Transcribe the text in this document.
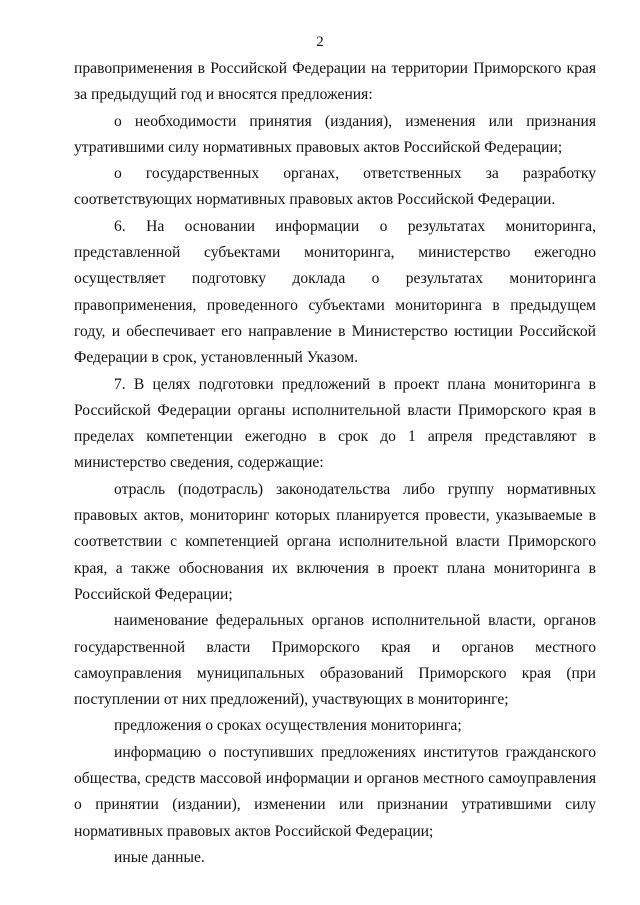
2

правоприменения в Российской Федерации на территории Приморского края за предыдущий год и вносятся предложения:

о необходимости принятия (издания), изменения или признания утратившими силу нормативных правовых актов Российской Федерации;

о государственных органах, ответственных за разработку соответствующих нормативных правовых актов Российской Федерации.

6. На основании информации о результатах мониторинга, представленной субъектами мониторинга, министерство ежегодно осуществляет подготовку доклада о результатах мониторинга правоприменения, проведенного субъектами мониторинга в предыдущем году, и обеспечивает его направление в Министерство юстиции Российской Федерации в срок, установленный Указом.

7. В целях подготовки предложений в проект плана мониторинга в Российской Федерации органы исполнительной власти Приморского края в пределах компетенции ежегодно в срок до 1 апреля представляют в министерство сведения, содержащие:

отрасль (подотрасль) законодательства либо группу нормативных правовых актов, мониторинг которых планируется провести, указываемые в соответствии с компетенцией органа исполнительной власти Приморского края, а также обоснования их включения в проект плана мониторинга в Российской Федерации;

наименование федеральных органов исполнительной власти, органов государственной власти Приморского края и органов местного самоуправления муниципальных образований Приморского края (при поступлении от них предложений), участвующих в мониторинге;

предложения о сроках осуществления мониторинга;

информацию о поступивших предложениях институтов гражданского общества, средств массовой информации и органов местного самоуправления о принятии (издании), изменении или признании утратившими силу нормативных правовых актов Российской Федерации;

иные данные.
